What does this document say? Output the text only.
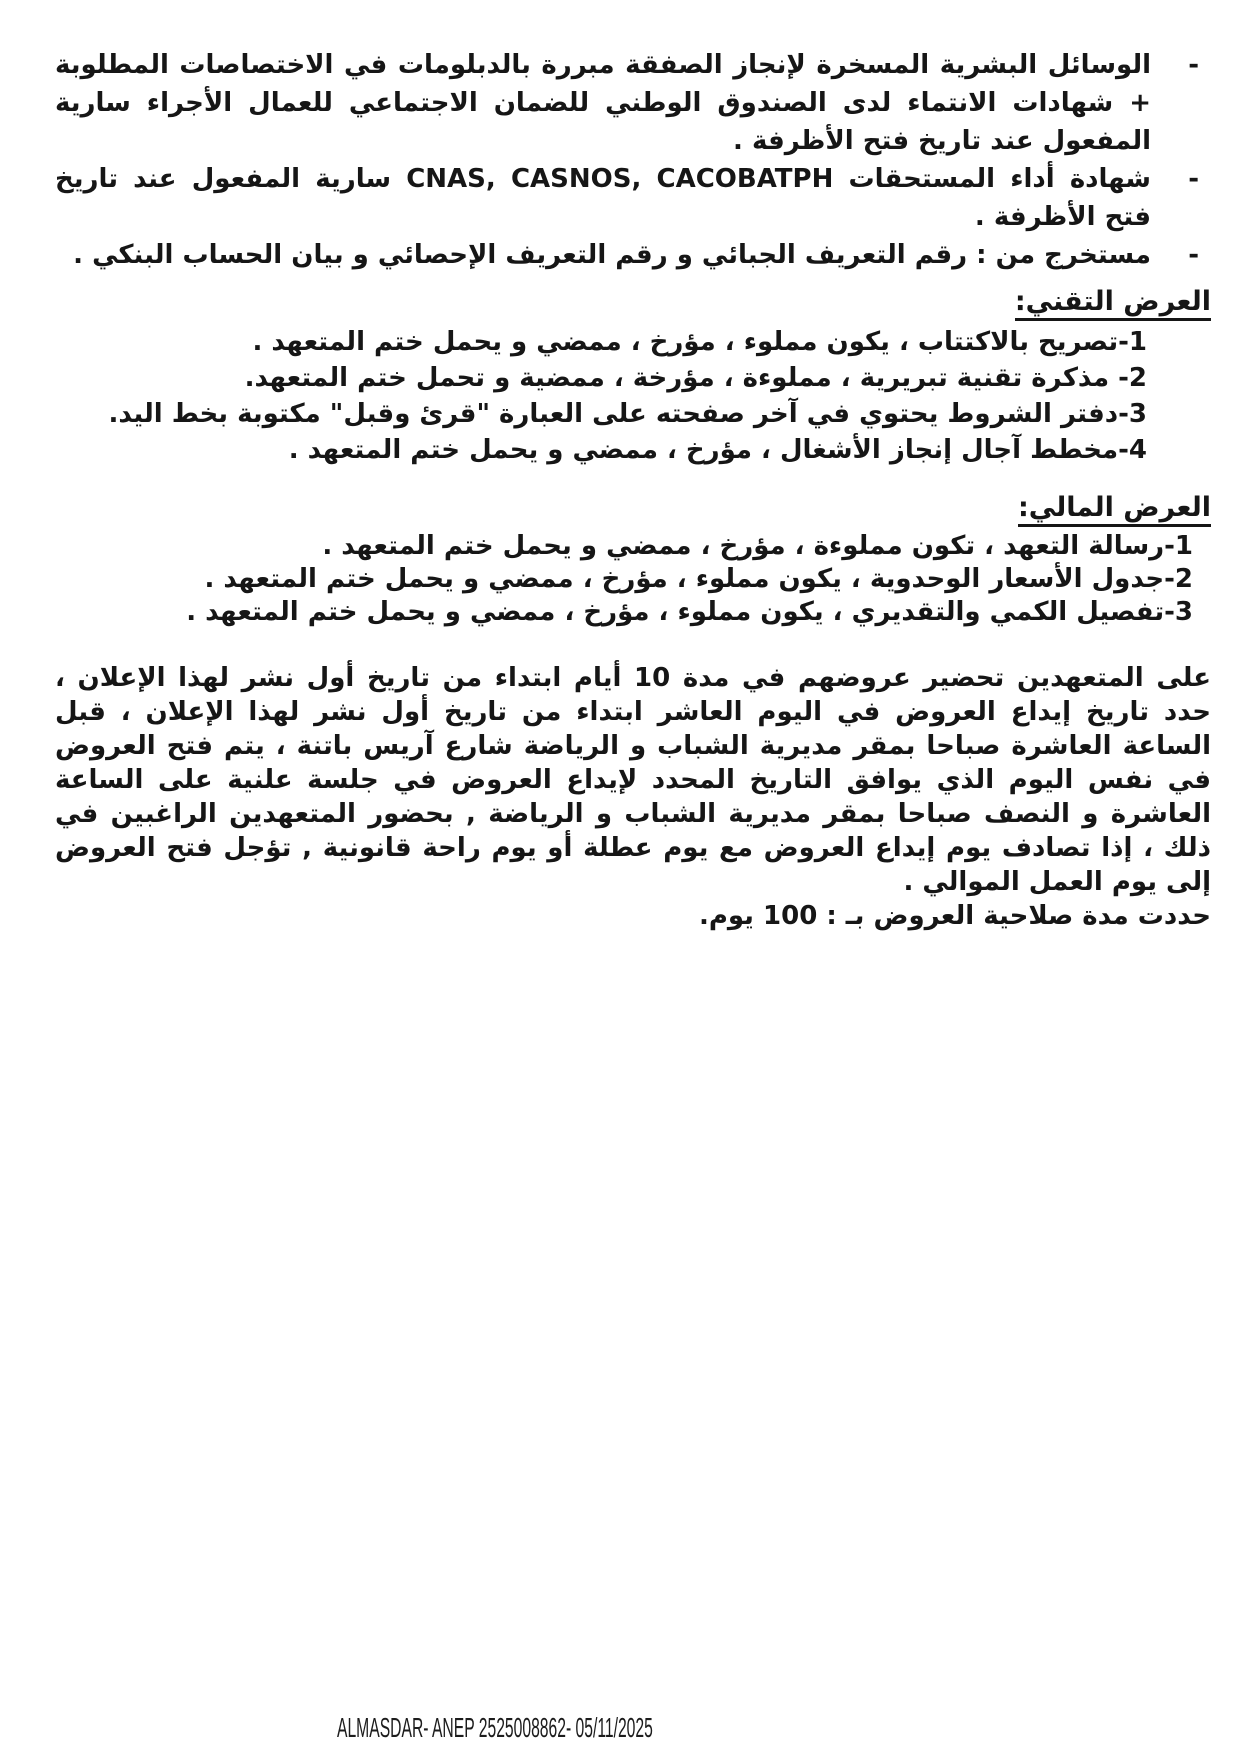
-
الوسائل البشرية المسخرة لإنجاز الصفقة مبررة بالدبلومات في الاختصاصات المطلوبة + شهادات الانتماء لدى الصندوق الوطني للضمان الاجتماعي للعمال الأجراء سارية المفعول عند تاريخ فتح الأظرفة .
-
شهادة أداء المستحقات CNAS, CASNOS, CACOBATPH سارية المفعول عند تاريخ فتح الأظرفة .
-
مستخرج من : رقم التعريف الجبائي و رقم التعريف الإحصائي و بيان الحساب البنكي .
العرض التقني:
1-تصريح بالاكتتاب ، يكون مملوء ، مؤرخ ، ممضي و يحمل ختم المتعهد .
2- مذكرة تقنية تبريرية ، مملوءة ، مؤرخة ، ممضية و تحمل ختم المتعهد.
3-دفتر الشروط يحتوي في آخر صفحته على العبارة "قرئ وقبل" مكتوبة بخط اليد.
4-مخطط آجال إنجاز الأشغال ، مؤرخ ، ممضي و يحمل ختم المتعهد .
العرض المالي:
1-رسالة التعهد ، تكون مملوءة ، مؤرخ ، ممضي و يحمل ختم المتعهد .
2-جدول الأسعار الوحدوية ، يكون مملوء ، مؤرخ ، ممضي و يحمل ختم المتعهد .
3-تفصيل الكمي والتقديري ، يكون مملوء ، مؤرخ ، ممضي و يحمل ختم المتعهد .
على المتعهدين تحضير عروضهم في مدة 10 أيام ابتداء من تاريخ أول نشر لهذا الإعلان ، حدد تاريخ إيداع العروض في اليوم العاشر ابتداء من تاريخ أول نشر لهذا الإعلان ، قبل الساعة العاشرة صباحا بمقر مديرية الشباب و الرياضة شارع آريس باتنة ، يتم فتح العروض في نفس اليوم الذي يوافق التاريخ المحدد لإيداع العروض في جلسة علنية على الساعة العاشرة و النصف صباحا بمقر مديرية الشباب و الرياضة , بحضور المتعهدين الراغبين في ذلك ، إذا تصادف يوم إيداع العروض مع يوم عطلة أو يوم راحة قانونية , تؤجل فتح العروض إلى يوم العمل الموالي .
حددت مدة صلاحية العروض بـ : 100 يوم.
ALMASDAR- ANEP 2525008862- 05/11/2025
